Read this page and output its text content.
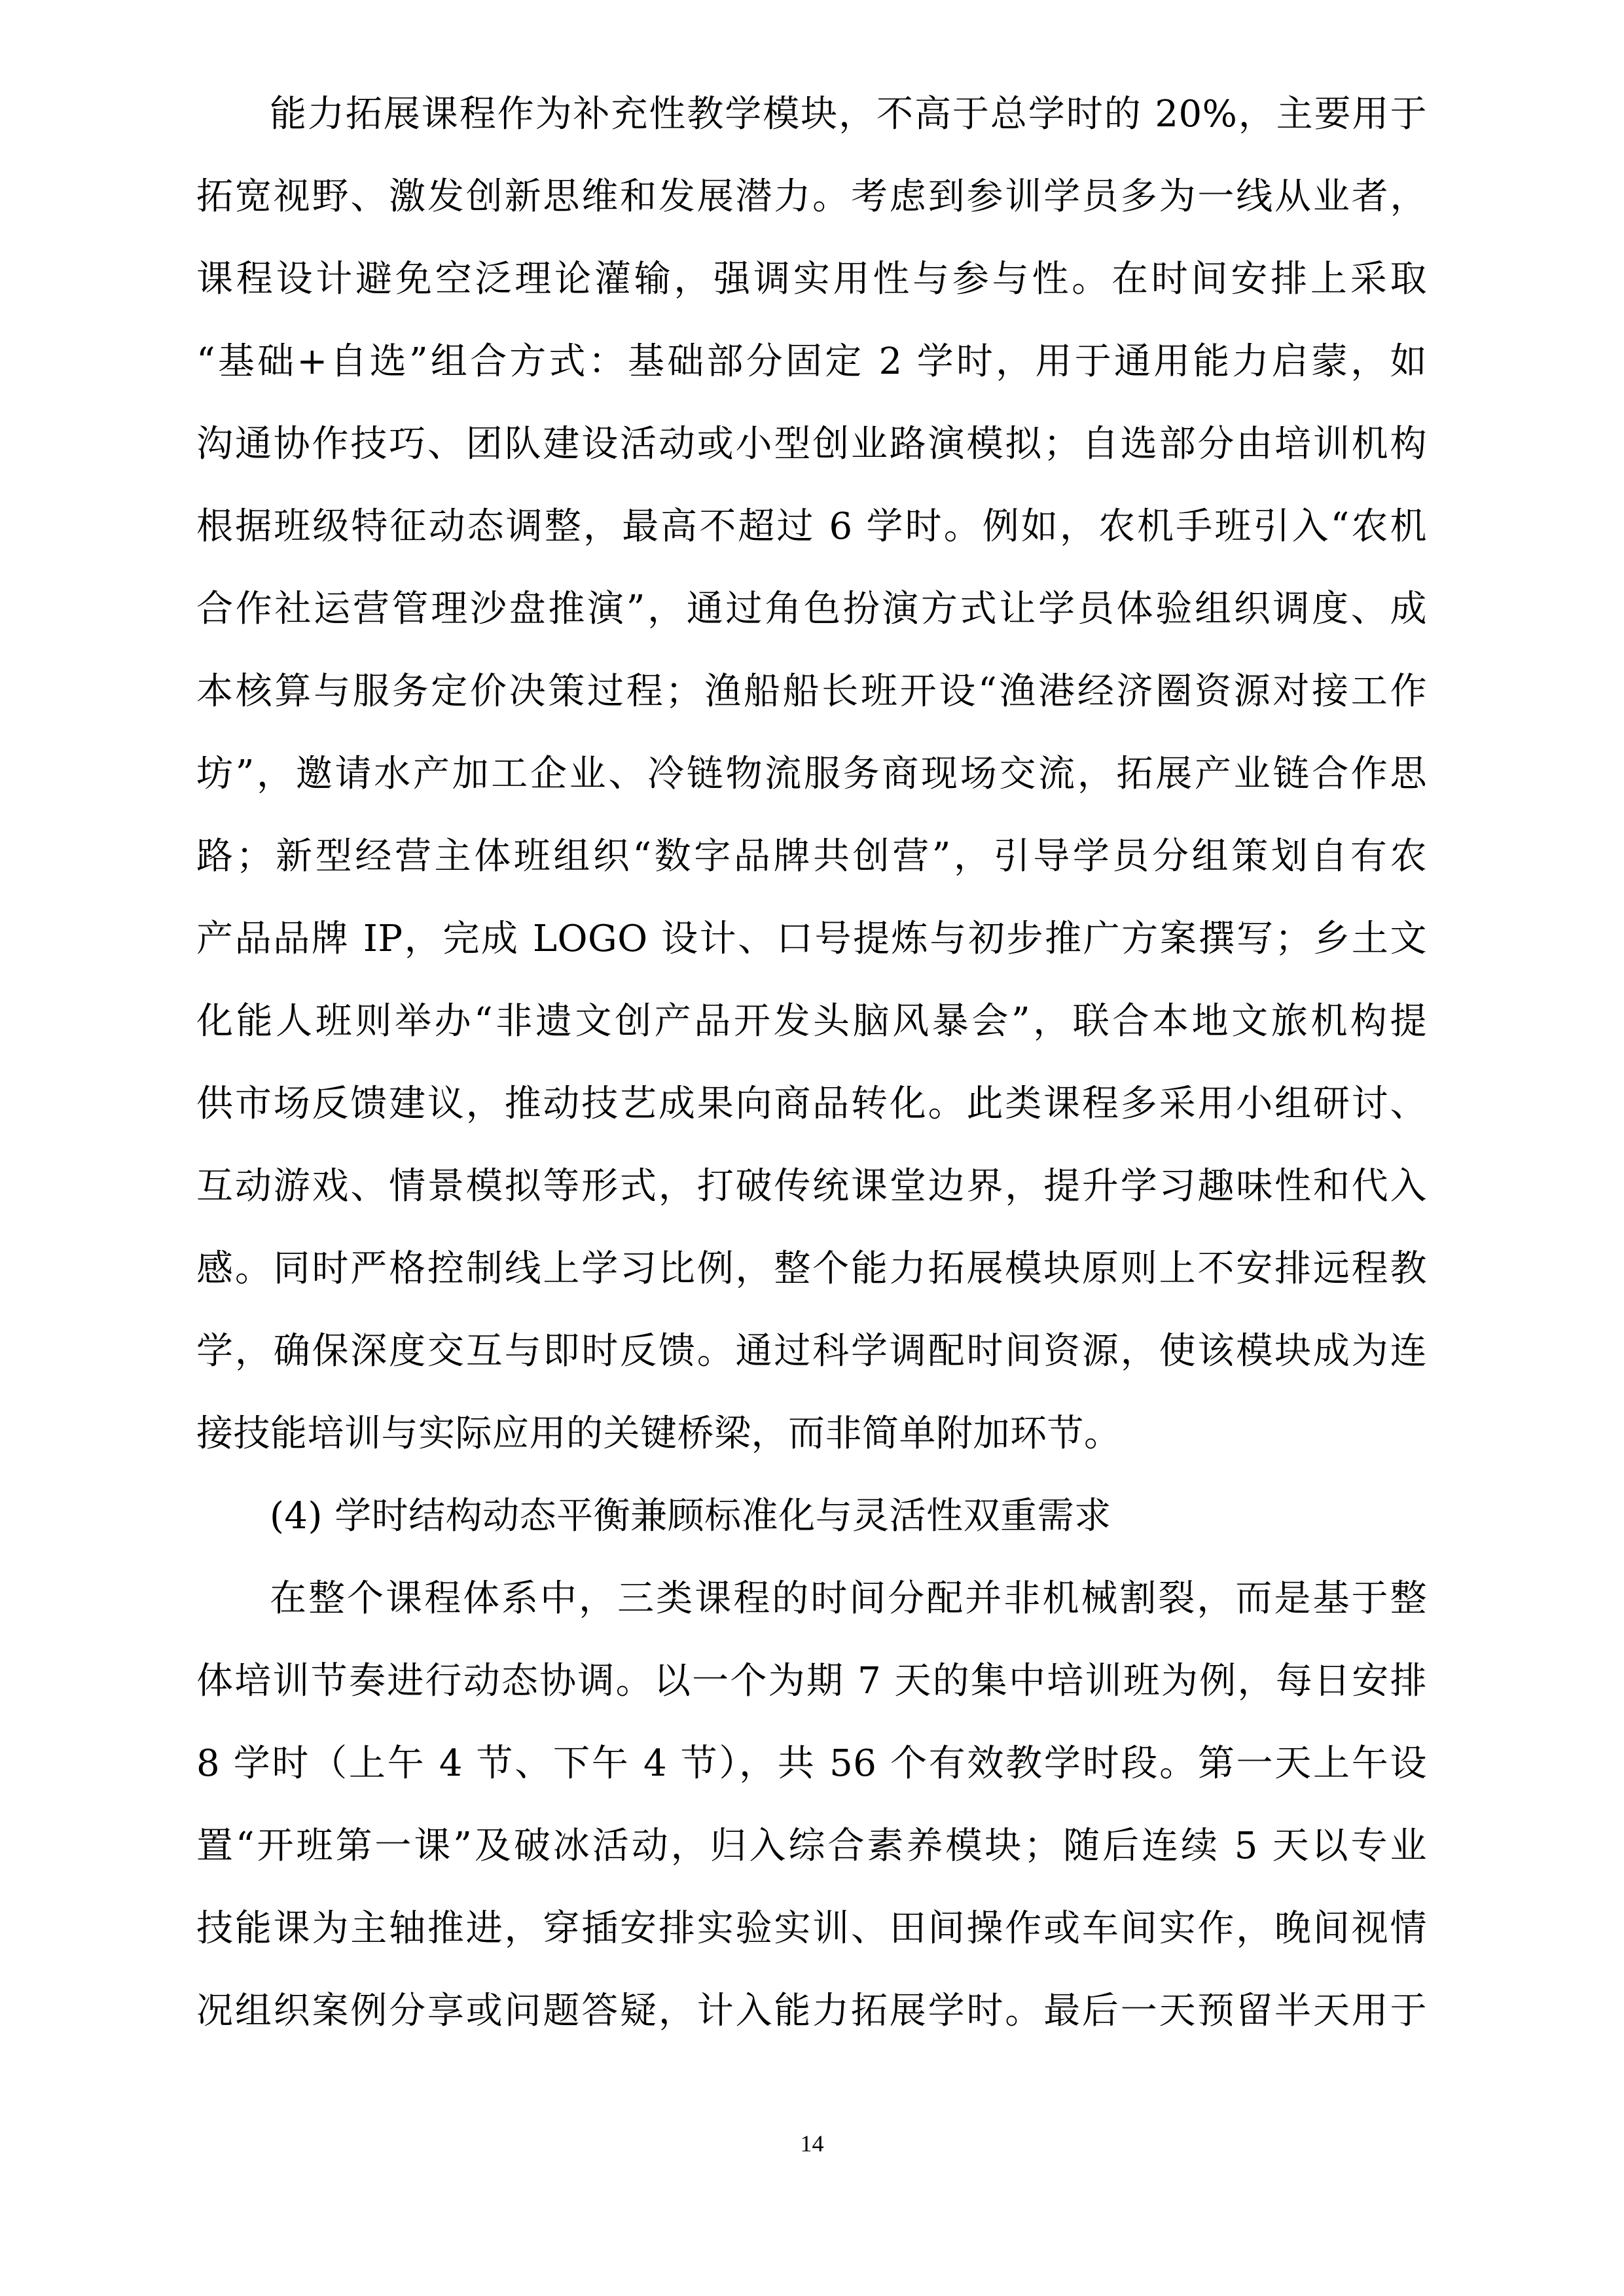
能力拓展课程作为补充性教学模块，不高于总学时的 20%，主要用于
拓宽视野、激发创新思维和发展潜力。考虑到参训学员多为一线从业者，
课程设计避免空泛理论灌输，强调实用性与参与性。在时间安排上采取
“基础+自选”组合方式：基础部分固定 2 学时，用于通用能力启蒙，如
沟通协作技巧、团队建设活动或小型创业路演模拟；自选部分由培训机构
根据班级特征动态调整，最高不超过 6 学时。例如，农机手班引入“农机
合作社运营管理沙盘推演”，通过角色扮演方式让学员体验组织调度、成
本核算与服务定价决策过程；渔船船长班开设“渔港经济圈资源对接工作
坊”，邀请水产加工企业、冷链物流服务商现场交流，拓展产业链合作思
路；新型经营主体班组织“数字品牌共创营”，引导学员分组策划自有农
产品品牌 IP，完成 LOGO 设计、口号提炼与初步推广方案撰写；乡土文
化能人班则举办“非遗文创产品开发头脑风暴会”，联合本地文旅机构提
供市场反馈建议，推动技艺成果向商品转化。此类课程多采用小组研讨、
互动游戏、情景模拟等形式，打破传统课堂边界，提升学习趣味性和代入
感。同时严格控制线上学习比例，整个能力拓展模块原则上不安排远程教
学，确保深度交互与即时反馈。通过科学调配时间资源，使该模块成为连
接技能培训与实际应用的关键桥梁，而非简单附加环节。
(4) 学时结构动态平衡兼顾标准化与灵活性双重需求
在整个课程体系中，三类课程的时间分配并非机械割裂，而是基于整
体培训节奏进行动态协调。以一个为期 7 天的集中培训班为例，每日安排
8 学时（上午 4 节、下午 4 节），共 56 个有效教学时段。第一天上午设
置“开班第一课”及破冰活动，归入综合素养模块；随后连续 5 天以专业
技能课为主轴推进，穿插安排实验实训、田间操作或车间实作，晚间视情
况组织案例分享或问题答疑，计入能力拓展学时。最后一天预留半天用于
14
